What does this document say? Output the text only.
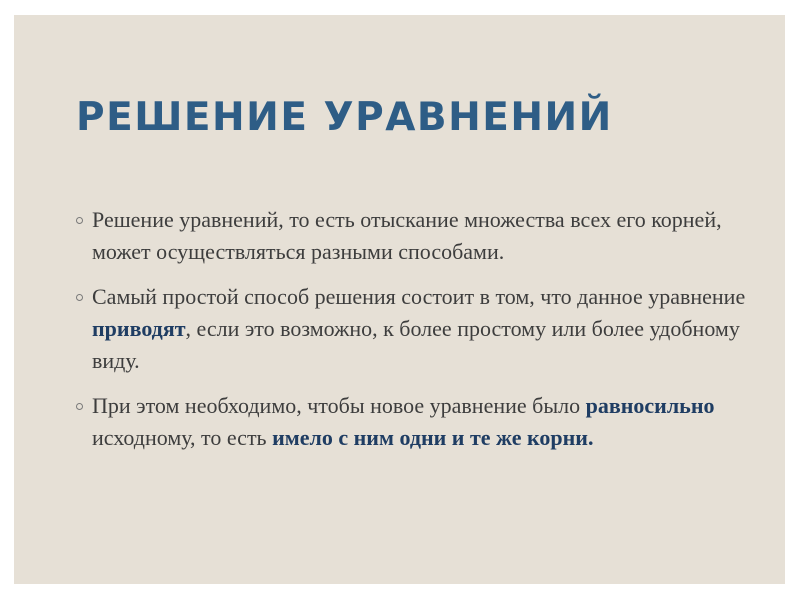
РЕШЕНИЕ УРАВНЕНИЙ
Решение уравнений, то есть отыскание множества всех его корней, может осуществляться разными способами.
Самый простой способ решения состоит в том, что данное уравнение приводят, если это возможно, к более простому или более удобному виду.
При этом необходимо, чтобы новое уравнение было равносильно исходному, то есть имело с ним одни и те же корни.
